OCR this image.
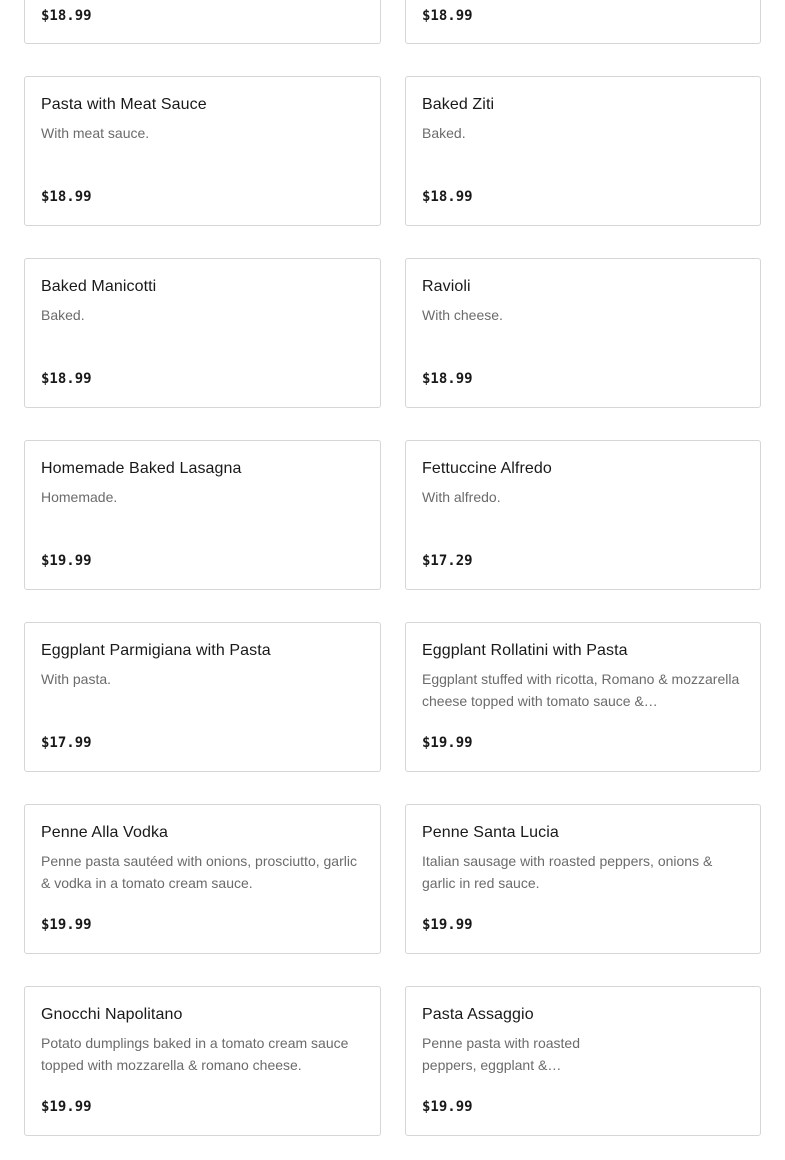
$18.99	$18.99
Pasta with Meat Sauce
With meat sauce.
$18.99
Baked Ziti
Baked.
$18.99
Baked Manicotti
Baked.
$18.99
Ravioli
With cheese.
$18.99
Homemade Baked Lasagna
Homemade.
$19.99
Fettuccine Alfredo
With alfredo.
$17.29
Eggplant Parmigiana with Pasta
With pasta.
$17.99
Eggplant Rollatini with Pasta
Eggplant stuffed with ricotta, Romano & mozzarella cheese topped with tomato sauce &…
$19.99
Penne Alla Vodka
Penne pasta sautéed with onions, prosciutto, garlic & vodka in a tomato cream sauce.
$19.99
Penne Santa Lucia
Italian sausage with roasted peppers, onions & garlic in red sauce.
$19.99
Gnocchi Napolitano
Potato dumplings baked in a tomato cream sauce topped with mozzarella & romano cheese.
$19.99
Pasta Assaggio
Penne pasta with roasted peppers, eggplant &…
$19.99
